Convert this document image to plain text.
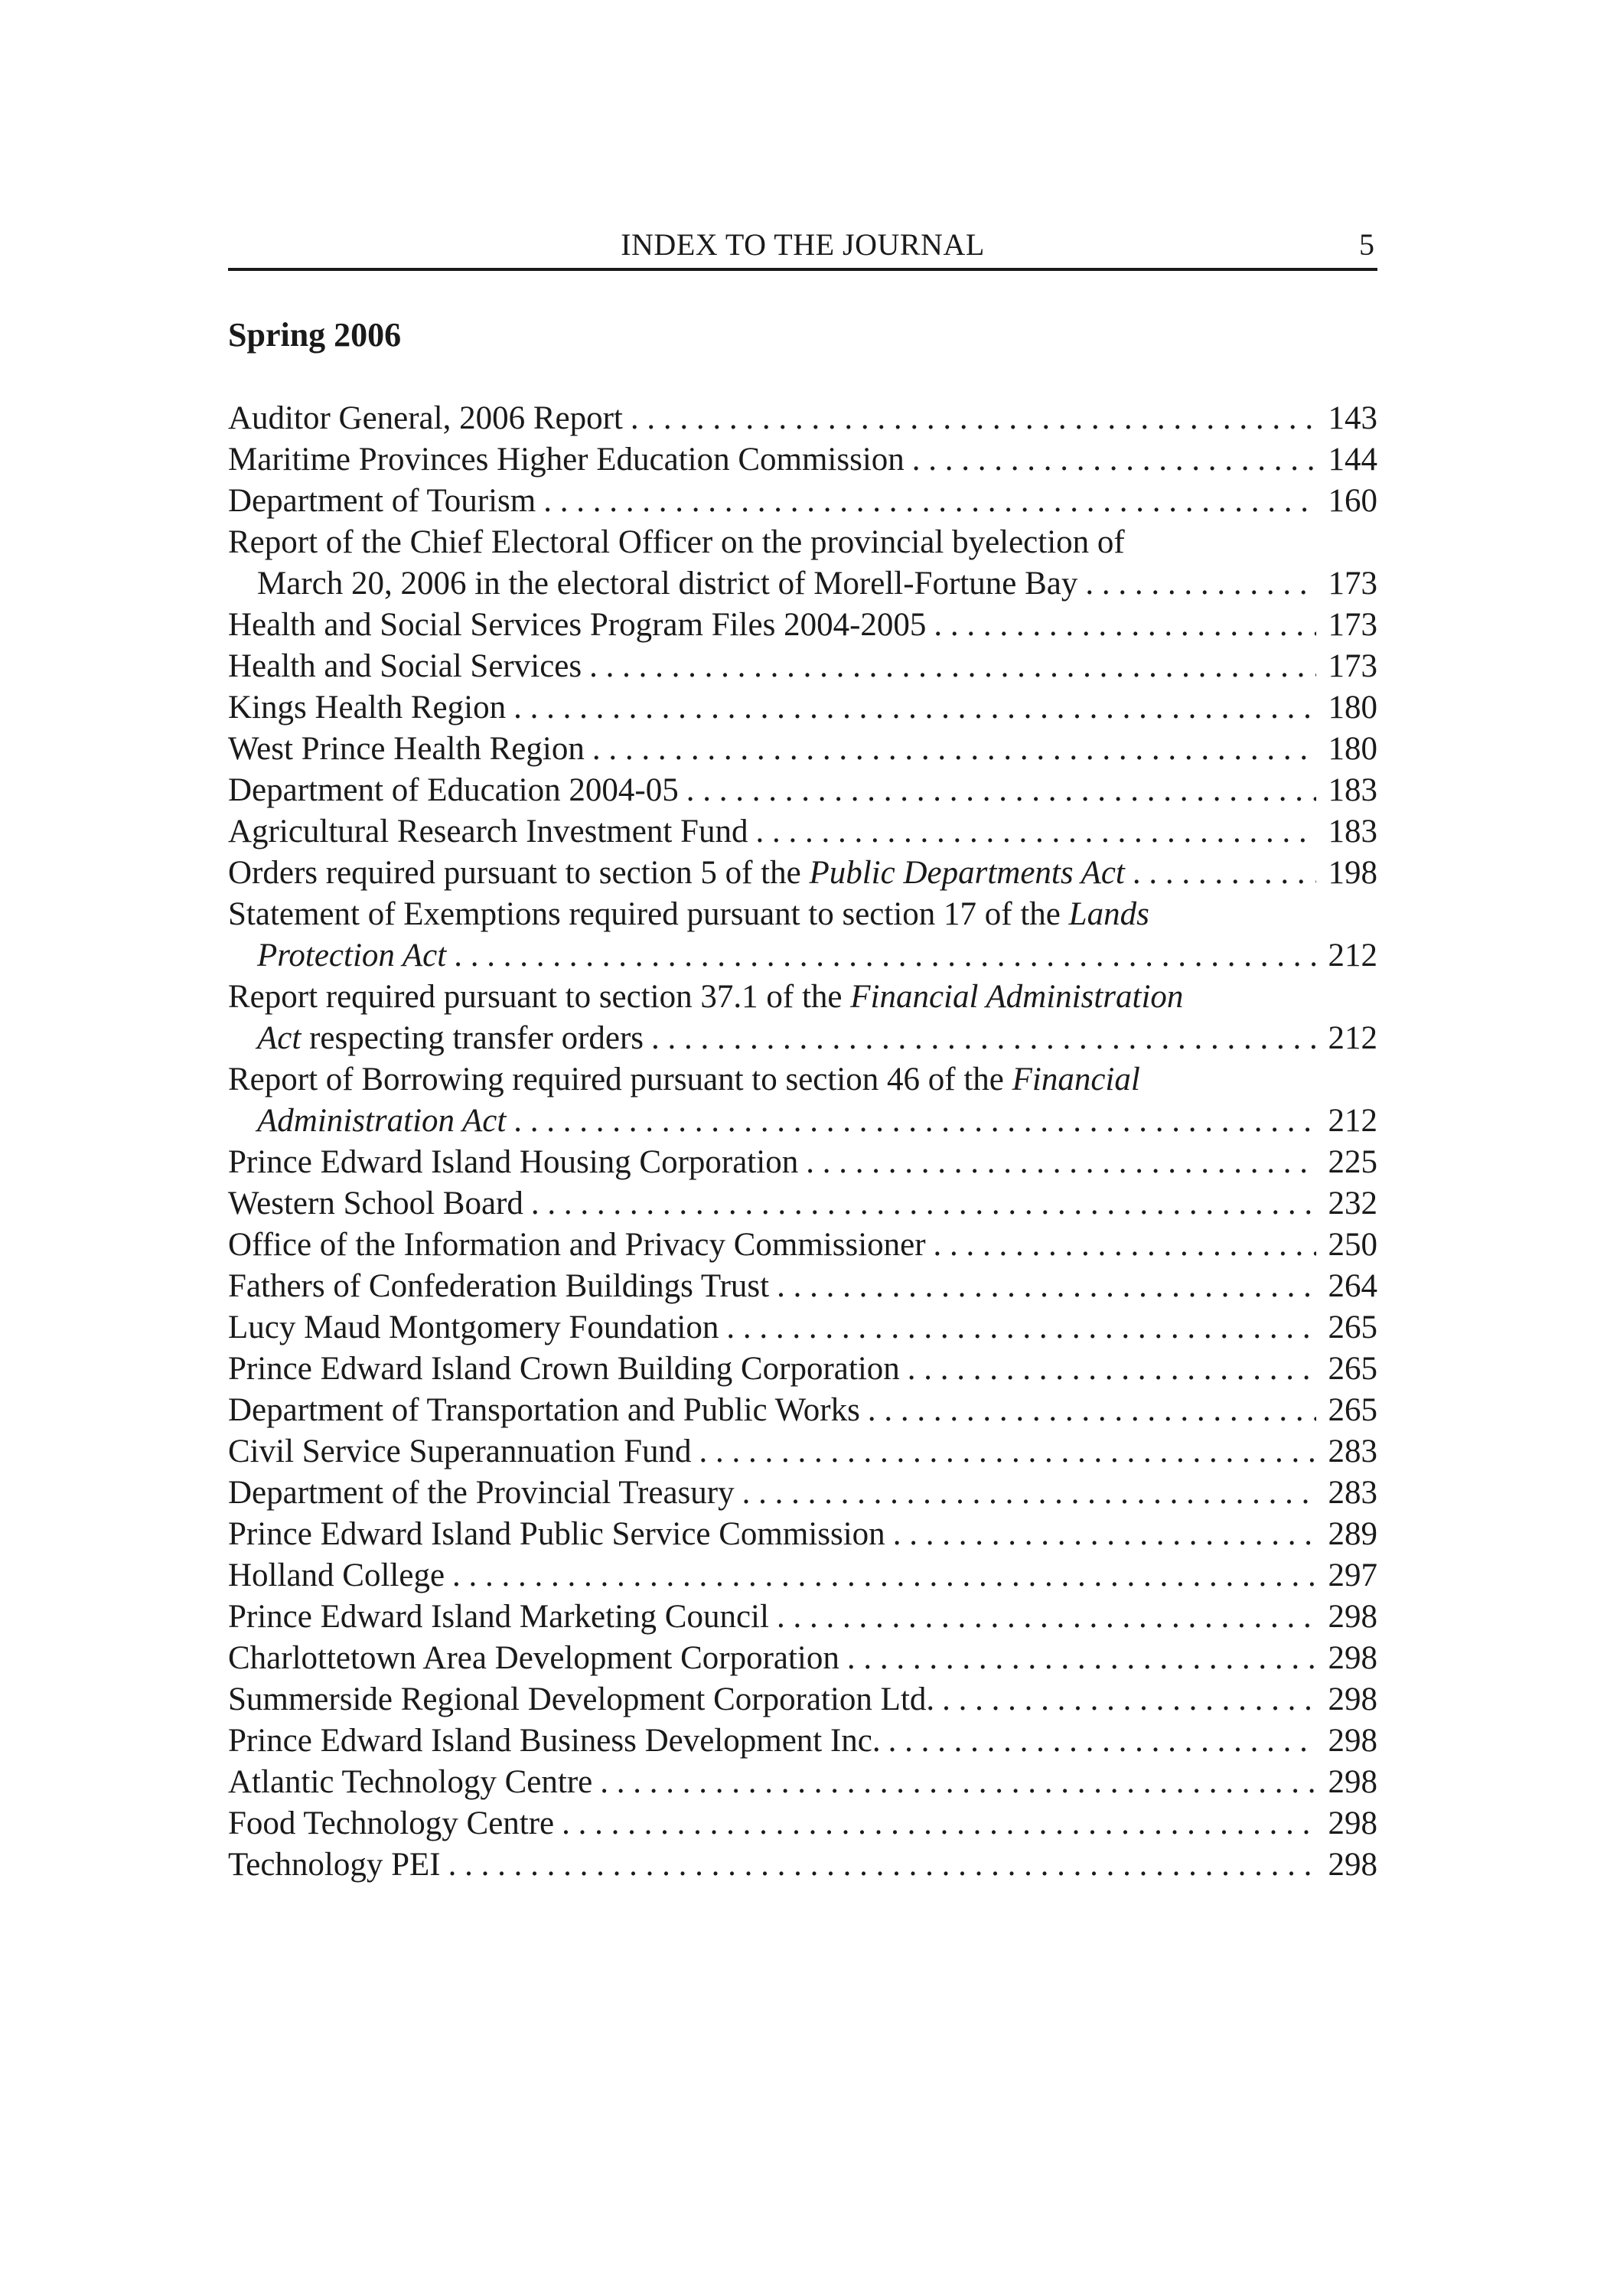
INDEX TO THE JOURNAL	5
Spring 2006
Auditor General, 2006 Report . . .	143
Maritime Provinces Higher Education Commission . . .	144
Department of Tourism . . .	160
Report of the Chief Electoral Officer on the provincial byelection of
March 20, 2006 in the electoral district of Morell-Fortune Bay . . .	173
Health and Social Services Program Files 2004-2005 . . .	173
Health and Social Services . . .	173
Kings Health Region . . .	180
West Prince Health Region . . .	180
Department of Education 2004-05 . . .	183
Agricultural Research Investment Fund . . .	183
Orders required pursuant to section 5 of the Public Departments Act . . .	198
Statement of Exemptions required pursuant to section 17 of the Lands
Protection Act . . .	212
Report required pursuant to section 37.1 of the Financial Administration
Act respecting transfer orders . . .	212
Report of Borrowing required pursuant to section 46 of the Financial
Administration Act . . .	212
Prince Edward Island Housing Corporation . . .	225
Western School Board . . .	232
Office of the Information and Privacy Commissioner . . .	250
Fathers of Confederation Buildings Trust . . .	264
Lucy Maud Montgomery Foundation . . .	265
Prince Edward Island Crown Building Corporation . . .	265
Department of Transportation and Public Works . . .	265
Civil Service Superannuation Fund . . .	283
Department of the Provincial Treasury . . .	283
Prince Edward Island Public Service Commission . . .	289
Holland College . . .	297
Prince Edward Island Marketing Council . . .	298
Charlottetown Area Development Corporation . . .	298
Summerside Regional Development Corporation Ltd. . . .	298
Prince Edward Island Business Development Inc. . . .	298
Atlantic Technology Centre . . .	298
Food Technology Centre . . .	298
Technology PEI . . .	298
